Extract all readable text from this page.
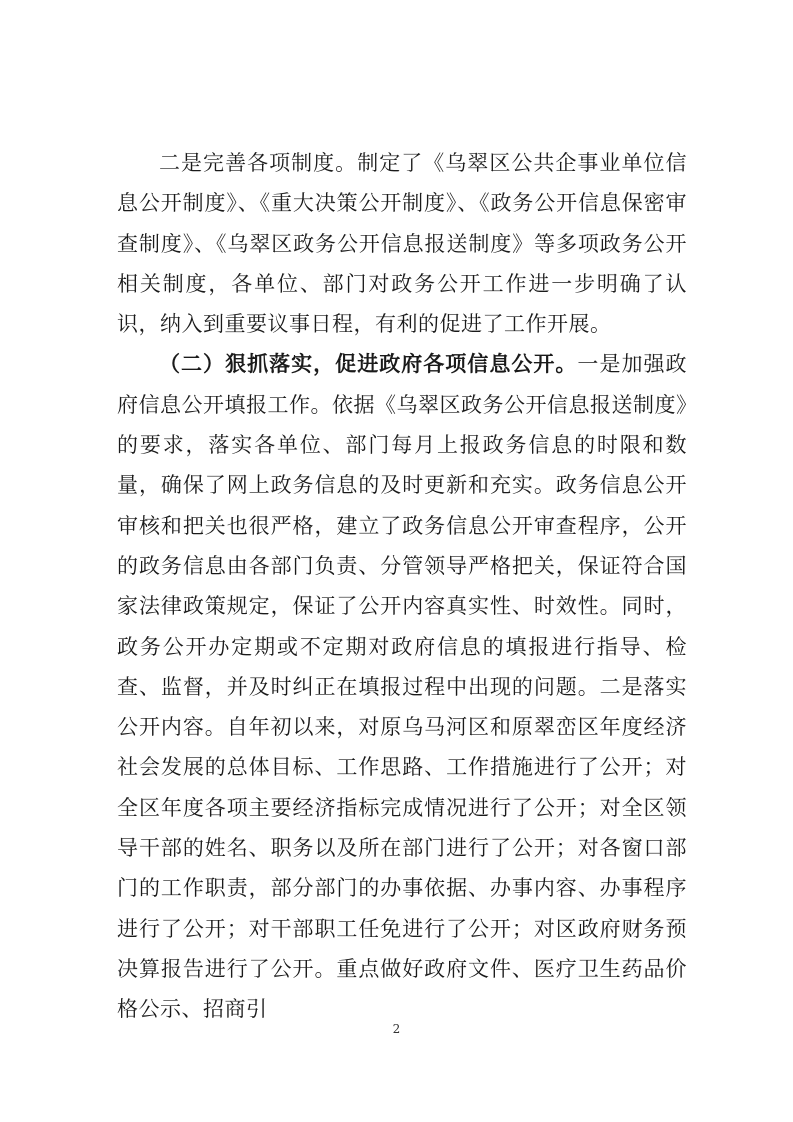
二是完善各项制度。制定了《乌翠区公共企事业单位信息公开制度》、《重大决策公开制度》、《政务公开信息保密审查制度》、《乌翠区政务公开信息报送制度》等多项政务公开相关制度，各单位、部门对政务公开工作进一步明确了认识，纳入到重要议事日程，有利的促进了工作开展。

（二）狠抓落实，促进政府各项信息公开。一是加强政府信息公开填报工作。依据《乌翠区政务公开信息报送制度》的要求，落实各单位、部门每月上报政务信息的时限和数量，确保了网上政务信息的及时更新和充实。政务信息公开审核和把关也很严格，建立了政务信息公开审查程序，公开的政务信息由各部门负责、分管领导严格把关，保证符合国家法律政策规定，保证了公开内容真实性、时效性。同时，政务公开办定期或不定期对政府信息的填报进行指导、检查、监督，并及时纠正在填报过程中出现的问题。二是落实公开内容。自年初以来，对原乌马河区和原翠峦区年度经济社会发展的总体目标、工作思路、工作措施进行了公开；对全区年度各项主要经济指标完成情况进行了公开；对全区领导干部的姓名、职务以及所在部门进行了公开；对各窗口部门的工作职责，部分部门的办事依据、办事内容、办事程序进行了公开；对干部职工任免进行了公开；对区政府财务预决算报告进行了公开。重点做好政府文件、医疗卫生药品价格公示、招商引

2
